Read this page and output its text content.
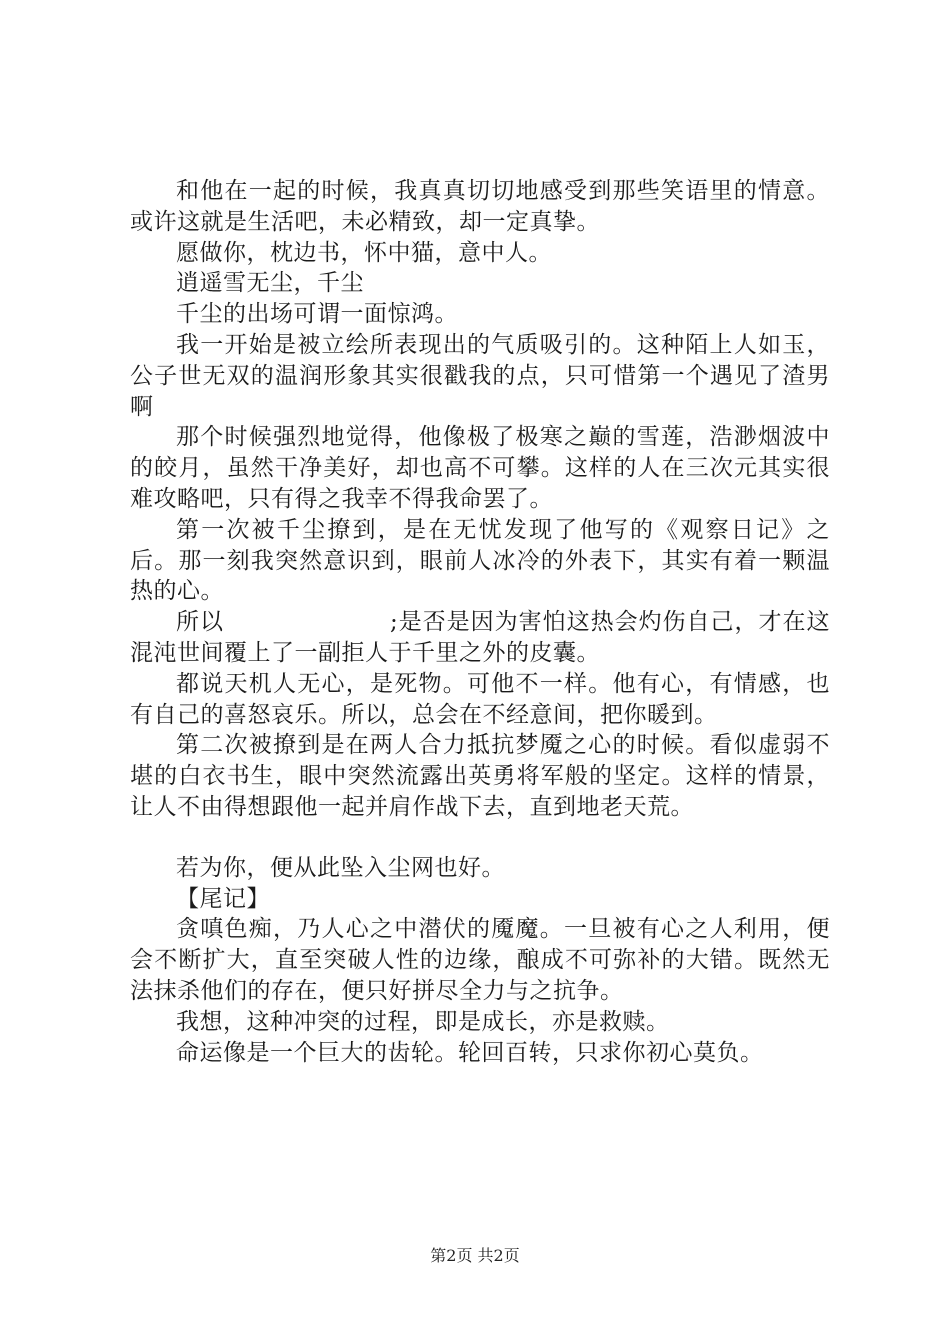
和他在一起的时候，我真真切切地感受到那些笑语里的情意。或许这就是生活吧，未必精致，却一定真挚。

愿做你，枕边书，怀中猫，意中人。

逍遥雪无尘，千尘

千尘的出场可谓一面惊鸿。

我一开始是被立绘所表现出的气质吸引的。这种陌上人如玉，公子世无双的温润形象其实很戳我的点，只可惜第一个遇见了渣男啊

那个时候强烈地觉得，他像极了极寒之巅的雪莲，浩渺烟波中的皎月，虽然干净美好，却也高不可攀。这样的人在三次元其实很难攻略吧，只有得之我幸不得我命罢了。

第一次被千尘撩到，是在无忧发现了他写的《观察日记》之后。那一刻我突然意识到，眼前人冰冷的外表下，其实有着一颗温热的心。

所以                    ;是否是因为害怕这热会灼伤自己，才在这混沌世间覆上了一副拒人于千里之外的皮囊。

都说天机人无心，是死物。可他不一样。他有心，有情感，也有自己的喜怒哀乐。所以，总会在不经意间，把你暖到。

第二次被撩到是在两人合力抵抗梦魇之心的时候。看似虚弱不堪的白衣书生，眼中突然流露出英勇将军般的坚定。这样的情景，让人不由得想跟他一起并肩作战下去，直到地老天荒。

若为你，便从此坠入尘网也好。

【尾记】

贪嗔色痴，乃人心之中潜伏的魇魔。一旦被有心之人利用，便会不断扩大，直至突破人性的边缘，酿成不可弥补的大错。既然无法抹杀他们的存在，便只好拼尽全力与之抗争。

我想，这种冲突的过程，即是成长，亦是救赎。

命运像是一个巨大的齿轮。轮回百转，只求你初心莫负。

第2页 共2页
